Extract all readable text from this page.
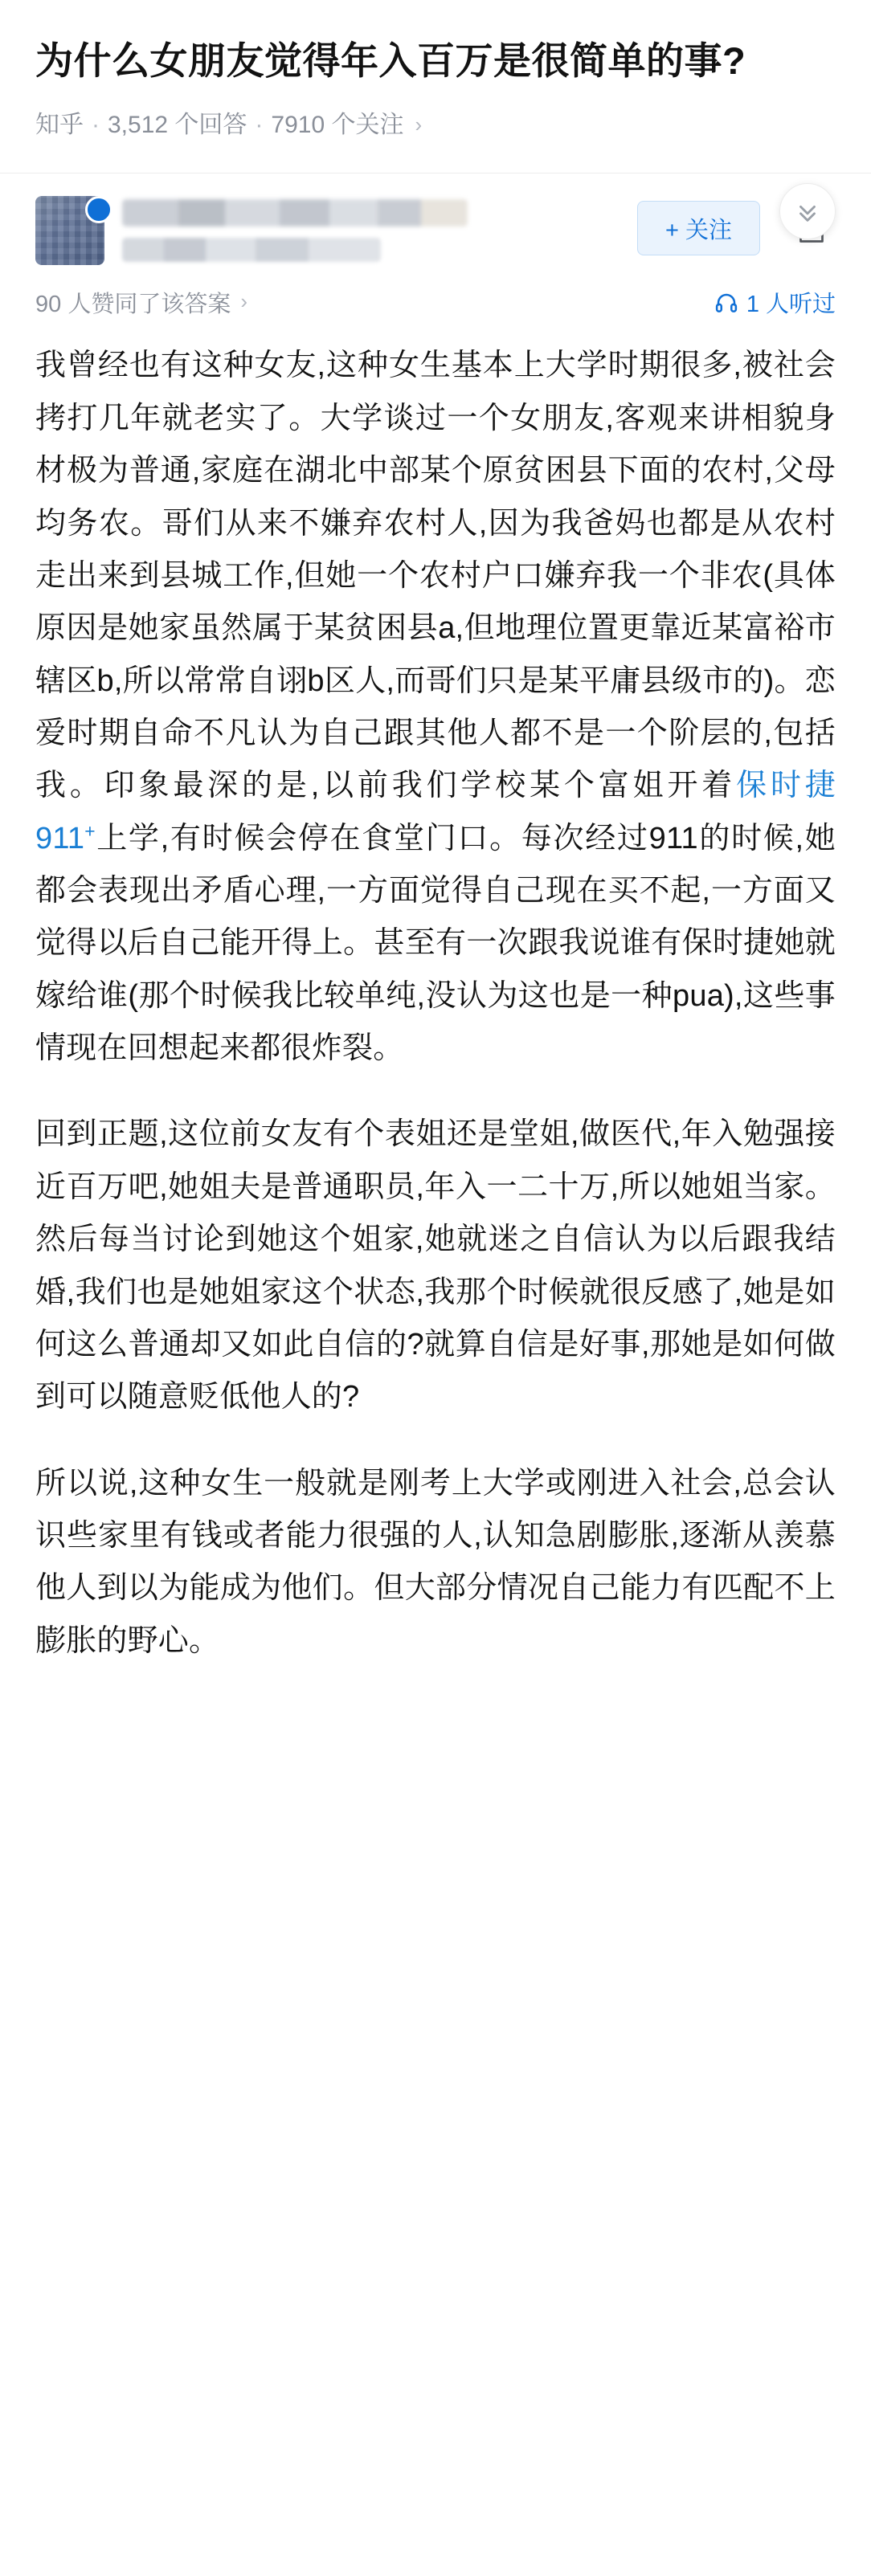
为什么女朋友觉得年入百万是很简单的事?
知乎 · 3,512 个回答 · 7910 个关注 ›
+ 关注
90 人赞同了该答案 ›	1 人听过

我曾经也有这种女友,这种女生基本上大学时期很多,被社会拷打几年就老实了。大学谈过一个女朋友,客观来讲相貌身材极为普通,家庭在湖北中部某个原贫困县下面的农村,父母均务农。哥们从来不嫌弃农村人,因为我爸妈也都是从农村走出来到县城工作,但她一个农村户口嫌弃我一个非农(具体原因是她家虽然属于某贫困县a,但地理位置更靠近某富裕市辖区b,所以常常自诩b区人,而哥们只是某平庸县级市的)。恋爱时期自命不凡认为自己跟其他人都不是一个阶层的,包括我。印象最深的是,以前我们学校某个富姐开着保时捷911+上学,有时候会停在食堂门口。每次经过911的时候,她都会表现出矛盾心理,一方面觉得自己现在买不起,一方面又觉得以后自己能开得上。甚至有一次跟我说谁有保时捷她就嫁给谁(那个时候我比较单纯,没认为这也是一种pua),这些事情现在回想起来都很炸裂。

回到正题,这位前女友有个表姐还是堂姐,做医代,年入勉强接近百万吧,她姐夫是普通职员,年入一二十万,所以她姐当家。然后每当讨论到她这个姐家,她就迷之自信认为以后跟我结婚,我们也是她姐家这个状态,我那个时候就很反感了,她是如何这么普通却又如此自信的?就算自信是好事,那她是如何做到可以随意贬低他人的?

所以说,这种女生一般就是刚考上大学或刚进入社会,总会认识些家里有钱或者能力很强的人,认知急剧膨胀,逐渐从羡慕他人到以为能成为他们。但大部分情况自己能力有匹配不上膨胀的野心。
